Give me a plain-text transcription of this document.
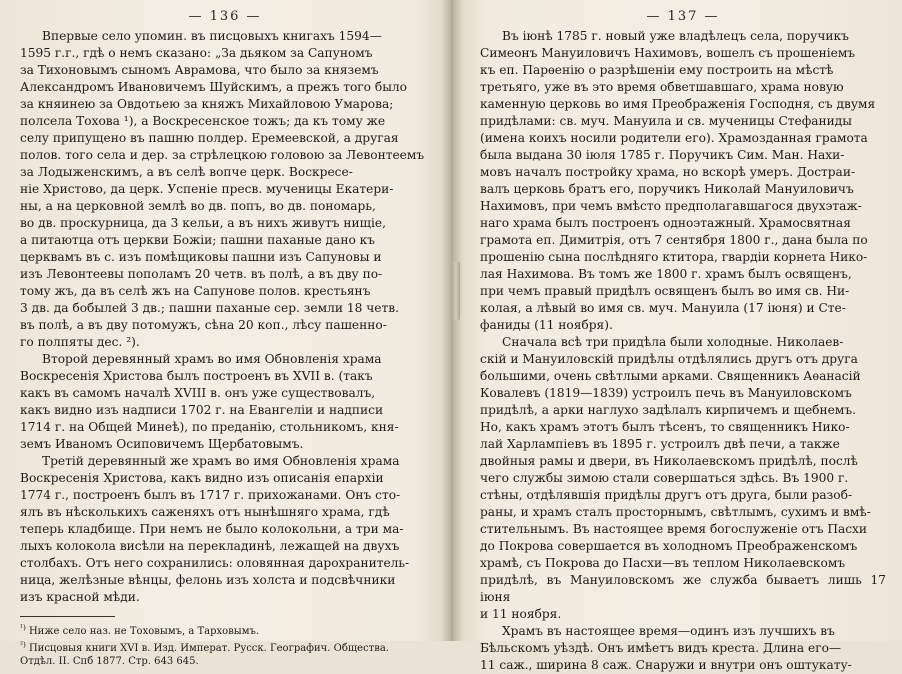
— 136 —

Впервые село упомин. въ писцовыхъ книгахъ 1594—
1595 г.г., гдѣ о немъ сказано: „За дьяком за Сапуномъ
за Тихоновымъ сыномъ Аврамова, что было за княземъ
Александромъ Ивановичемъ Шуйскимъ, а прежъ того было
за княинею за Овдотьею за княжъ Михайловою Умарова;
полсела Тохова ¹), а Воскресенское тожъ; да къ тому же
селу припущено въ пашню полдер. Еремеевской, а другая
полов. того села и дер. за стрѣлецкою головою за Левонтеемъ
за Лодыженскимъ, а въ селѣ вопче церк. Воскресе-
ніе Христово, да церк. Успеніе пресв. мученицы Екатери-
ны, а на церковной землѣ во дв. попъ, во дв. пономарь,
во дв. проскурница, да 3 кельи, а въ нихъ живутъ нищіе,
а питаютца отъ церкви Божіи; пашни паханые дано къ
церквамъ въ с. изъ помѣщиковы пашни изъ Сапуновы и
изъ Левонтеевы пополамъ 20 четв. въ полѣ, а въ дву по-
тому жъ, да въ селѣ жъ на Сапунове полов. крестьянъ
3 дв. да бобылей 3 дв.; пашни паханые сер. земли 18 четв.
въ полѣ, а въ дву потомужъ, сѣна 20 коп., лѣсу пашенно-
го полпяты дес. ²).

Второй деревянный храмъ во имя Обновленія храма
Воскресенія Христова былъ построенъ въ XVII в. (такъ
какъ въ самомъ началѣ XVIII в. онъ уже существовалъ,
какъ видно изъ надписи 1702 г. на Евангеліи и надписи
1714 г. на Общей Минеѣ), по преданію, стольникомъ, кня-
земъ Иваномъ Осиповичемъ Щербатовымъ.

Третій деревянный же храмъ во имя Обновленія храма
Воскресенія Христова, какъ видно изъ описанія епархіи
1774 г., построенъ былъ въ 1717 г. прихожанами. Онъ сто-
ялъ въ нѣсколькихъ саженяхъ отъ нынѣшняго храма, гдѣ
теперь кладбище. При немъ не было колокольни, а три ма-
лыхъ колокола висѣли на перекладинѣ, лежащей на двухъ
столбахъ. Отъ него сохранились: оловянная дарохранитель-
ница, желѣзные вѣнцы, фелонь изъ холста и подсвѣчники
изъ красной мѣди.

$^{^1)}$ Ниже село наз. не Тоховымъ, а Тарховымъ.

$^{^2)}$ Писцовыя книги XVI в. Изд. Императ. Русск. Географич. Общества.
Отдѣл. II. Спб 1877. Стр. 643 645.

— 137 —

Въ іюнѣ 1785 г. новый уже владѣлецъ села, поручикъ
Симеонъ Мануиловичъ Нахимовъ, вошелъ съ прошеніемъ
къ еп. Парѳенію о разрѣшеніи ему построить на мѣстѣ
третьяго, уже въ это время обветшавшаго, храма новую
каменную церковь во имя Преображенія Господня, съ двумя
придѣлами: св. муч. Мануила и св. мученицы Стефаниды
(имена коихъ носили родители его). Храмозданная грамота
была выдана 30 іюля 1785 г. Поручикъ Сим. Ман. Нахи-
мовъ началъ постройку храма, но вскорѣ умеръ. Достраи-
валъ церковь братъ его, поручикъ Николай Мануиловичъ
Нахимовъ, при чемъ вмѣсто предполагавшагося двухэтаж-
наго храма былъ построенъ одноэтажный. Храмосвятная
грамота еп. Димитрія, отъ 7 сентября 1800 г., дана была по
прошенію сына послѣдняго ктитора, гвардіи корнета Нико-
лая Нахимова. Въ томъ же 1800 г. храмъ былъ освященъ,
при чемъ правый придѣлъ освященъ былъ во имя св. Ни-
колая, а лѣвый во имя св. муч. Мануила (17 іюня) и Сте-
фаниды (11 ноября).

Сначала всѣ три придѣла были холодные. Николаев-
скій и Мануиловскій придѣлы отдѣлялись другъ отъ друга
большими, очень свѣтлыми арками. Священникъ Аѳанасій
Ковалевъ (1819—1839) устроилъ печь въ Мануиловскомъ
придѣлѣ, а арки наглухо задѣлалъ кирпичемъ и щебнемъ.
Но, какъ храмъ этотъ былъ тѣсенъ, то священникъ Нико-
лай Харлампіевъ въ 1895 г. устроилъ двѣ печи, а также
двойныя рамы и двери, въ Николаевскомъ придѣлѣ, послѣ
чего службы зимою стали совершаться здѣсь. Въ 1900 г.
стѣны, отдѣлявшія придѣлы другъ отъ друга, были разоб-
раны, и храмъ сталъ просторнымъ, свѣтлымъ, сухимъ и вмѣ-
стительнымъ. Въ настоящее время богослуженіе отъ Пасхи
до Покрова совершается въ холодномъ Преображенскомъ
храмѣ, съ Покрова до Пасхи—въ теплом Николаевскомъ
придѣлѣ, въ Мануиловскомъ же служба бываетъ лишь 17 іюня
и 11 ноября.

Храмъ въ настоящее время—одинъ изъ лучшихъ въ
Бѣльскомъ уѣздѣ. Онъ имѣетъ видъ креста. Длина его—
11 саж., ширина 8 саж. Снаружи и внутри онъ оштукату-
